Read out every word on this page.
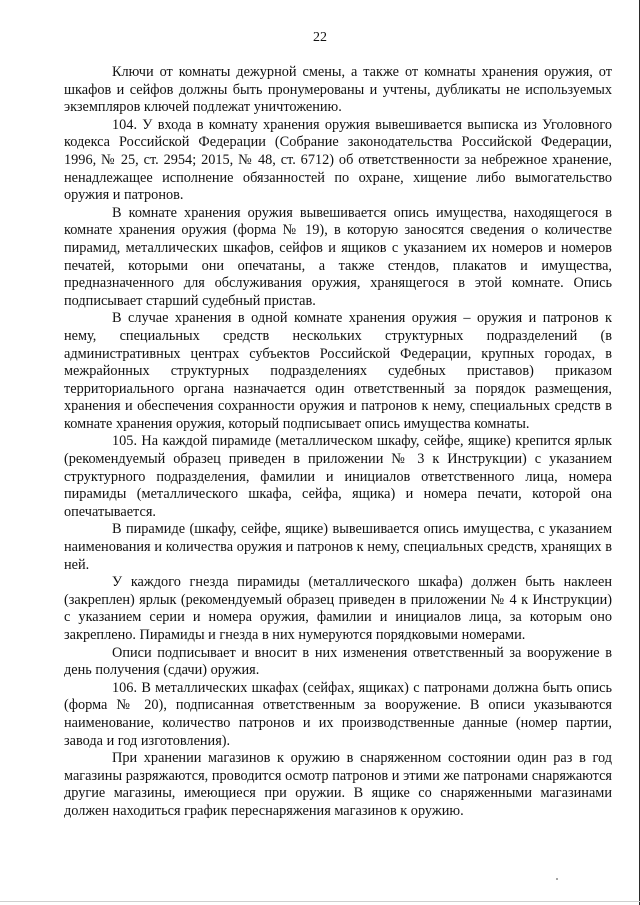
22

Ключи от комнаты дежурной смены, а также от комнаты хранения оружия, от шкафов и сейфов должны быть пронумерованы и учтены, дубликаты не используемых экземпляров ключей подлежат уничтожению.

104. У входа в комнату хранения оружия вывешивается выписка из Уголовного кодекса Российской Федерации (Собрание законодательства Российской Федерации, 1996, № 25, ст. 2954; 2015, № 48, ст. 6712) об ответственности за небрежное хранение, ненадлежащее исполнение обязанностей по охране, хищение либо вымогательство оружия и патронов.

В комнате хранения оружия вывешивается опись имущества, находящегося в комнате хранения оружия (форма № 19), в которую заносятся сведения о количестве пирамид, металлических шкафов, сейфов и ящиков с указанием их номеров и номеров печатей, которыми они опечатаны, а также стендов, плакатов и имущества, предназначенного для обслуживания оружия, хранящегося в этой комнате. Опись подписывает старший судебный пристав.

В случае хранения в одной комнате хранения оружия – оружия и патронов к нему, специальных средств нескольких структурных подразделений (в административных центрах субъектов Российской Федерации, крупных городах, в межрайонных структурных подразделениях судебных приставов) приказом территориального органа назначается один ответственный за порядок размещения, хранения и обеспечения сохранности оружия и патронов к нему, специальных средств в комнате хранения оружия, который подписывает опись имущества комнаты.

105. На каждой пирамиде (металлическом шкафу, сейфе, ящике) крепится ярлык (рекомендуемый образец приведен в приложении № 3 к Инструкции) с указанием структурного подразделения, фамилии и инициалов ответственного лица, номера пирамиды (металлического шкафа, сейфа, ящика) и номера печати, которой она опечатывается.

В пирамиде (шкафу, сейфе, ящике) вывешивается опись имущества, с указанием наименования и количества оружия и патронов к нему, специальных средств, хранящих в ней.

У каждого гнезда пирамиды (металлического шкафа) должен быть наклеен (закреплен) ярлык (рекомендуемый образец приведен в приложении № 4 к Инструкции) с указанием серии и номера оружия, фамилии и инициалов лица, за которым оно закреплено. Пирамиды и гнезда в них нумеруются порядковыми номерами.

Описи подписывает и вносит в них изменения ответственный за вооружение в день получения (сдачи) оружия.

106. В металлических шкафах (сейфах, ящиках) с патронами должна быть опись (форма № 20), подписанная ответственным за вооружение. В описи указываются наименование, количество патронов и их производственные данные (номер партии, завода и год изготовления).

При хранении магазинов к оружию в снаряженном состоянии один раз в год магазины разряжаются, проводится осмотр патронов и этими же патронами снаряжаются другие магазины, имеющиеся при оружии. В ящике со снаряженными магазинами должен находиться график переснаряжения магазинов к оружию.
